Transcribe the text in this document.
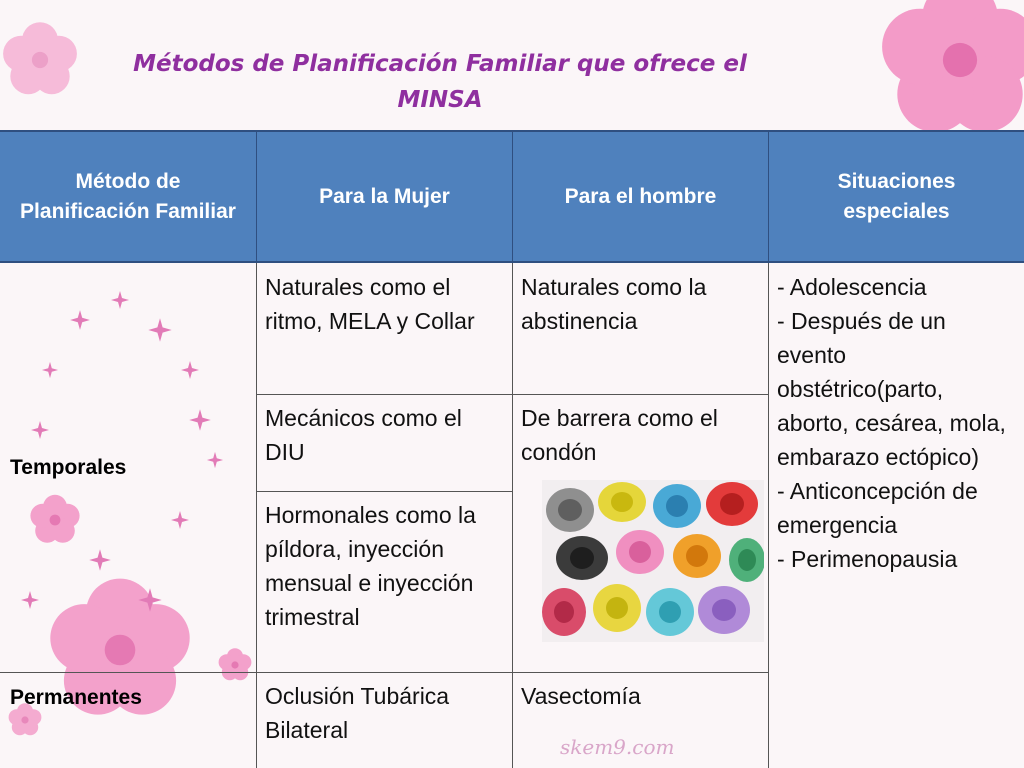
Métodos de Planificación Familiar que ofrece el
MINSA
Método de Planificación Familiar
Para la Mujer	Para el hombre
Situaciones especiales
Temporales
Naturales como el ritmo, MELA y Collar
Mecánicos como el DIU
Hormonales como la píldora, inyección mensual e inyección trimestral
Naturales como la abstinencia
De barrera como el condón
- Adolescencia
- Después de un evento obstétrico(parto, aborto, cesárea, mola, embarazo ectópico)
- Anticoncepción de emergencia
- Perimenopausia
Permanentes	Oclusión Tubárica Bilateral
Vasectomía
skem9.com
